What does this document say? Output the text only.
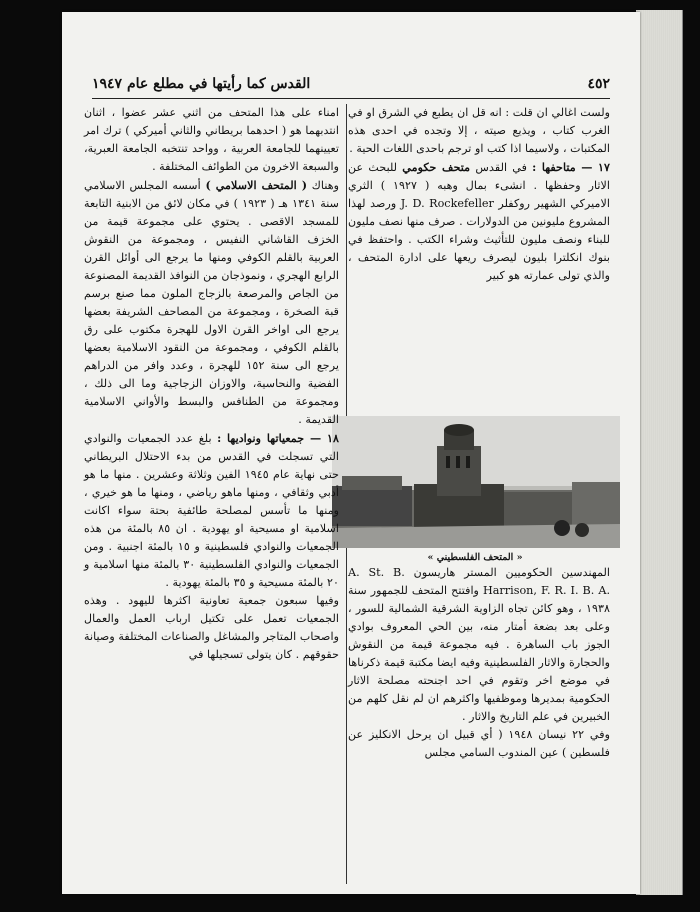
٤٥٢
القدس كما رأيتها في مطلع عام ١٩٤٧

ولست اغالي ان قلت : انه قل ان يطبع في الشرق او في الغرب كتاب ، ويذيع صيته ، إلا وتجده في احدى هذه المكتبات ، ولاسيما اذا كتب او ترجم باحدى اللغات الحية .

١٧ — متاحفها : في القدس متحف حكومي للبحث عن الاثار وحفظها . انشىء بمال وهبه ( ١٩٢٧ ) الثري الاميركي الشهير روكفلر J. D. Rockefeller ورصد لهذا المشروع مليونين من الدولارات . صرف منها نصف مليون للبناء ونصف مليون للتأثيث وشراء الكتب . واحتفظ في بنوك انكلترا بليون ليصرف ريعها على ادارة المتحف ، والذي تولى عمارته هو كبير

« المتحف الفلسطيني »

المهندسين الحكوميين المستر هاريسون A. St. B. Harrison, F. R. I. B. A. وافتتح المتحف للجمهور سنة ١٩٣٨ ، وهو كائن تجاه الزاوية الشرقية الشمالية للسور ، وعلى بعد بضعة أمتار منه، بين الحي المعروف بوادي الجوز باب الساهرة . فيه مجموعة قيمة من النقوش والحجارة والاثار الفلسطينية وفيه ايضا مكتبة قيمة ذكرناها في موضع اخر وتقوم في احد اجنحته مصلحة الاثار الحكومية بمديرها وموظفيها واكثرهم ان لم نقل كلهم من الخبيرين في علم التاريخ والاثار .

وفي ٢٢ نيسان ١٩٤٨ ( أي قبيل ان يرحل الانكليز عن فلسطين ) عين المندوب السامي مجلس

امناء على هذا المتحف من اثني عشر عضوا ، اثنان انتدبهما هو ( احدهما بريطاني والثاني أميركي ) ترك امر تعيينهما للجامعة العربية ، وواحد تنتخبه الجامعة العبرية، والسبعة الاخرون من الطوائف المختلفة .

وهناك ( المتحف الاسلامي ) أسسه المجلس الاسلامي سنة ١٣٤١ هـ ( ١٩٢٣ ) في مكان لائق من الابنية التابعة للمسجد الاقصى . يحتوي على مجموعة قيمة من الخزف القاشاني النفيس ، ومجموعة من النقوش العربية بالقلم الكوفي ومنها ما يرجع الى أوائل القرن الرابع الهجري ، ونموذجان من النوافذ القديمة المصنوعة من الجاص والمرصعة بالزجاج الملون مما صنع برسم قبة الصخرة ، ومجموعة من المصاحف الشريفة بعضها يرجع الى اواخر القرن الاول للهجرة مكتوب على رق بالقلم الكوفي ، ومجموعة من النقود الاسلامية بعضها يرجع الى سنة ١٥٢ للهجرة ، وعدد وافر من الدراهم الفضية والنحاسية، والاوزان الزجاجية وما الى ذلك ، ومجموعة من الطنافس والبسط والأواني الاسلامية القديمة .

١٨ — جمعياتها ونواديها : بلغ عدد الجمعيات والنوادي التي تسجلت في القدس من بدء الاحتلال البريطاني حتى نهاية عام ١٩٤٥ الفين وثلاثة وعشرين . منها ما هو أدبي وثقافي ، ومنها ماهو رياضي ، ومنها ما هو خيري ، ومنها ما تأسس لمصلحة طائفية بحتة سواء اكانت اسلامية او مسيحية او يهودية . ان ٨٥ بالمئة من هذه الجمعيات والنوادي فلسطينية و ١٥ بالمئة اجنبية . ومن الجمعيات والنوادي الفلسطينية ٣٠ بالمئة منها اسلامية و ٢٠ بالمئة مسيحية و ٣٥ بالمئة يهودية .

وفيها سبعون جمعية تعاونية اكثرها لليهود . وهذه الجمعيات تعمل على تكتيل ارباب العمل والعمال واصحاب المتاجر والمشاغل والصناعات المختلفة وصيانة حقوقهم . كان يتولى تسجيلها في
